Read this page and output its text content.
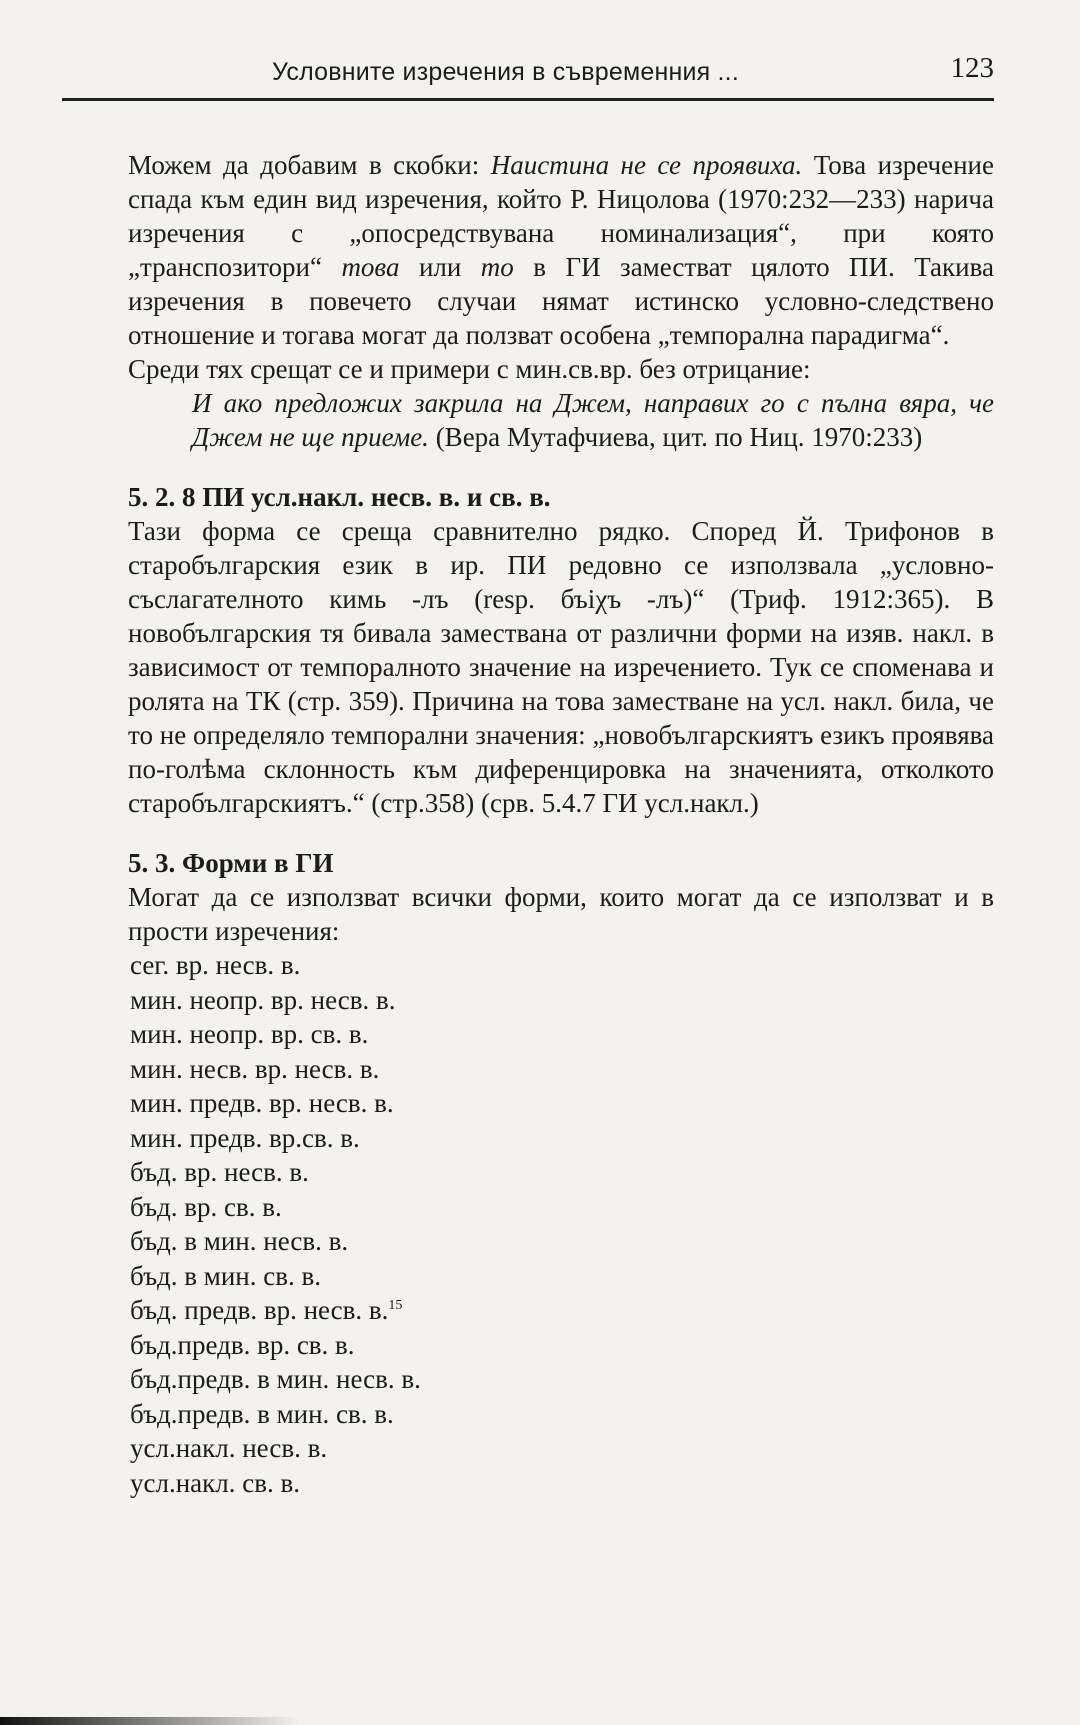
Условните изречения в съвременния ...	123

Можем да добавим в скобки: Наистина не се проявиха. Това изречение спада към един вид изречения, който Р. Ницолова (1970:232—233) нарича изречения с „опосредствувана номинализация“, при която „транспозитори“ това или то в ГИ заместват цялото ПИ. Такива изречения в повечето случаи нямат истинско условно-следствено отношение и тогава могат да ползват особена „темпорална парадигма“.

Среди тях срещат се и примери с мин.св.вр. без отрицание:

И ако предложих закрила на Джем, направих го с пълна вяра, че Джем не ще приеме. (Вера Мутафчиева, цит. по Ниц. 1970:233)

5. 2. 8 ПИ усл.накл. несв. в. и св. в.

Тази форма се среща сравнително рядко. Според Й. Трифонов в старобългарския език в ир. ПИ редовно се използвала „условно-съслагателното кимь -лъ (resp. бъіχъ -лъ)“ (Триф. 1912:365). В новобългарския тя бивала замествана от различни форми на изяв. накл. в зависимост от темпоралното значение на изречението. Тук се споменава и ролята на ТК (стр. 359). Причина на това заместване на усл. накл. била, че то не определяло темпорални значения: „новобългарскиятъ езикъ проявява по-голѣма склонность към диференцировка на значенията, отколкото старобългарскиятъ.“ (стр.358) (срв. 5.4.7 ГИ усл.накл.)

5. 3. Форми в ГИ

Могат да се използват всички форми, които могат да се използват и в прости изречения:

сег. вр. несв. в.
мин. неопр. вр. несв. в.
мин. неопр. вр. св. в.
мин. несв. вр. несв. в.
мин. предв. вр. несв. в.
мин. предв. вр.св. в.
бъд. вр. несв. в.
бъд. вр. св. в.
бъд. в мин. несв. в.
бъд. в мин. св. в.
бъд. предв. вр. несв. в.$^{15}$
бъд.предв. вр. св. в.
бъд.предв. в мин. несв. в.
бъд.предв. в мин. св. в.
усл.накл. несв. в.
усл.накл. св. в.
